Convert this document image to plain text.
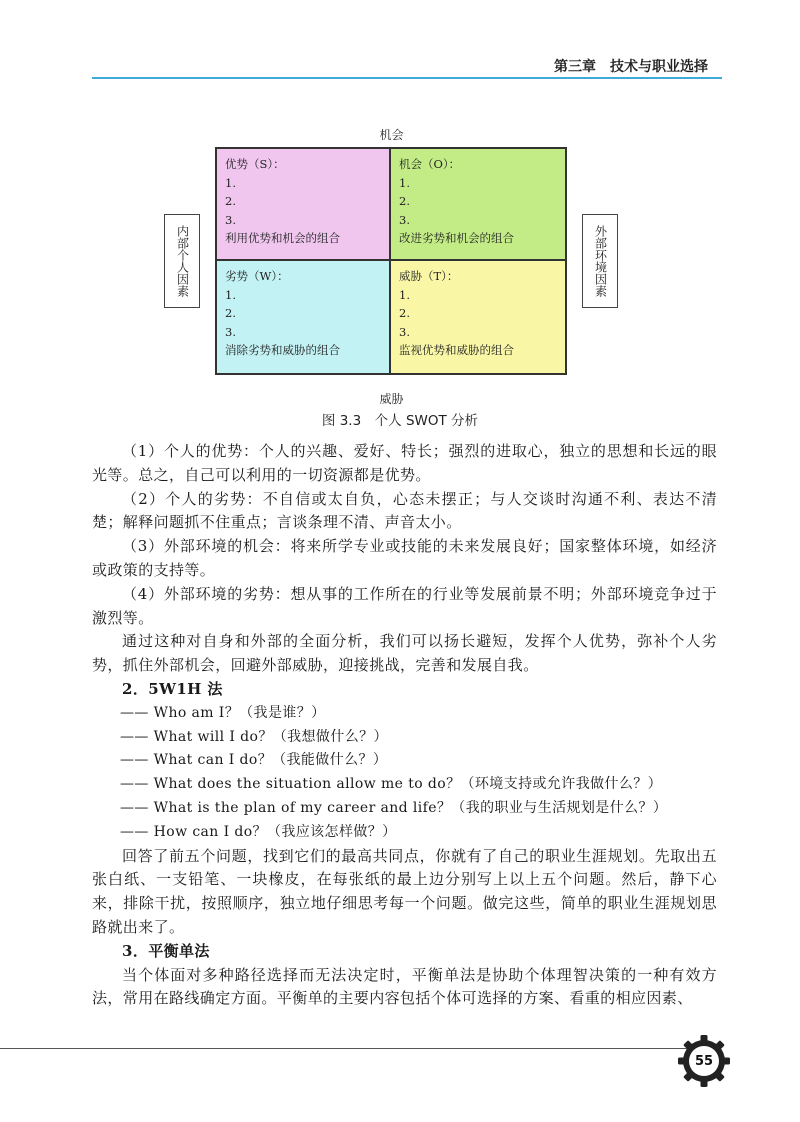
第三章　技术与职业选择
机会
内部个人因素	外部环境因素
优势（S）：
1.
2.
3.
利用优势和机会的组合
机会（O）：
1.
2.
3.
改进劣势和机会的组合
劣势（W）：
1.
2.
3.
消除劣势和威胁的组合
威胁（T）：
1.
2.
3.
监视优势和威胁的组合
威胁
图 3.3　个人 SWOT 分析

（1）个人的优势：个人的兴趣、爱好、特长；强烈的进取心，独立的思想和长远的眼光等。总之，自己可以利用的一切资源都是优势。

（2）个人的劣势：不自信或太自负，心态未摆正；与人交谈时沟通不利、表达不清楚；解释问题抓不住重点；言谈条理不清、声音太小。

（3）外部环境的机会：将来所学专业或技能的未来发展良好；国家整体环境，如经济或政策的支持等。

（4）外部环境的劣势：想从事的工作所在的行业等发展前景不明；外部环境竞争过于激烈等。

通过这种对自身和外部的全面分析，我们可以扬长避短，发挥个人优势，弥补个人劣势，抓住外部机会，回避外部威胁，迎接挑战，完善和发展自我。

2．5W1H 法
—— Who am I？（我是谁？）
—— What will I do？（我想做什么？）
—— What can I do？（我能做什么？）
—— What does the situation allow me to do？（环境支持或允许我做什么？）
—— What is the plan of my career and life？（我的职业与生活规划是什么？）
—— How can I do？（我应该怎样做？）

回答了前五个问题，找到它们的最高共同点，你就有了自己的职业生涯规划。先取出五张白纸、一支铅笔、一块橡皮，在每张纸的最上边分别写上以上五个问题。然后，静下心来，排除干扰，按照顺序，独立地仔细思考每一个问题。做完这些，简单的职业生涯规划思路就出来了。

3．平衡单法

当个体面对多种路径选择而无法决定时，平衡单法是协助个体理智决策的一种有效方法，常用在路线确定方面。平衡单的主要内容包括个体可选择的方案、看重的相应因素、

55
